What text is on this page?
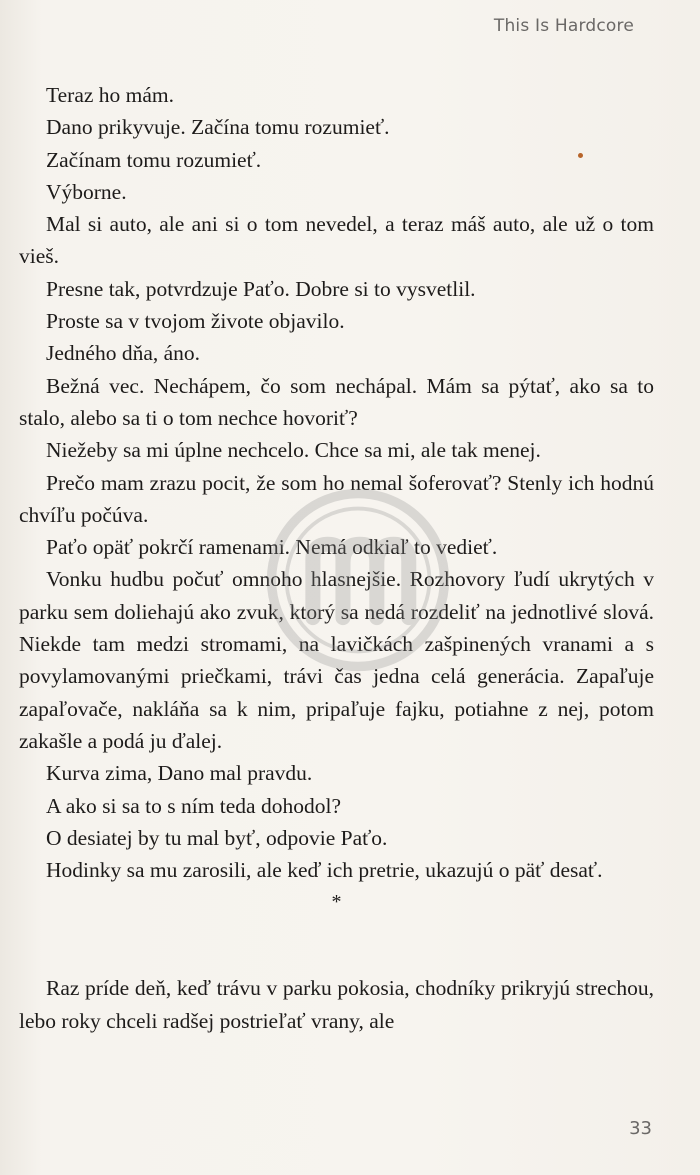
This Is Hardcore

Teraz ho mám.

Dano prikyvuje. Začína tomu rozumieť.

Začínam tomu rozumieť.

Výborne.

Mal si auto, ale ani si o tom nevedel, a teraz máš auto, ale už o tom vieš.

Presne tak, potvrdzuje Paťo. Dobre si to vysvetlil.

Proste sa v tvojom živote objavilo.

Jedného dňa, áno.

Bežná vec. Nechápem, čo som nechápal. Mám sa pýtať, ako sa to stalo, alebo sa ti o tom nechce hovoriť?

Niežeby sa mi úplne nechcelo. Chce sa mi, ale tak menej.

Prečo mam zrazu pocit, že som ho nemal šoferovať? Stenly ich hodnú chvíľu počúva.

Paťo opäť pokrčí ramenami. Nemá odkiaľ to vedieť.

Vonku hudbu počuť omnoho hlasnejšie. Rozhovory ľudí ukrytých v parku sem doliehajú ako zvuk, ktorý sa nedá rozdeliť na jednotlivé slová. Niekde tam medzi stromami, na lavičkách zašpinených vranami a s povylamovanými priečkami, trávi čas jedna celá generácia. Zapaľuje zapaľovače, nakláňa sa k nim, pripaľuje fajku, potiahne z nej, potom zakašle a podá ju ďalej.

Kurva zima, Dano mal pravdu.

A ako si sa to s ním teda dohodol?

O desiatej by tu mal byť, odpovie Paťo.

Hodinky sa mu zarosili, ale keď ich pretrie, ukazujú o päť desať.

*

Raz príde deň, keď trávu v parku pokosia, chodníky prikryjú strechou, lebo roky chceli radšej postrieľať vrany, ale

33
